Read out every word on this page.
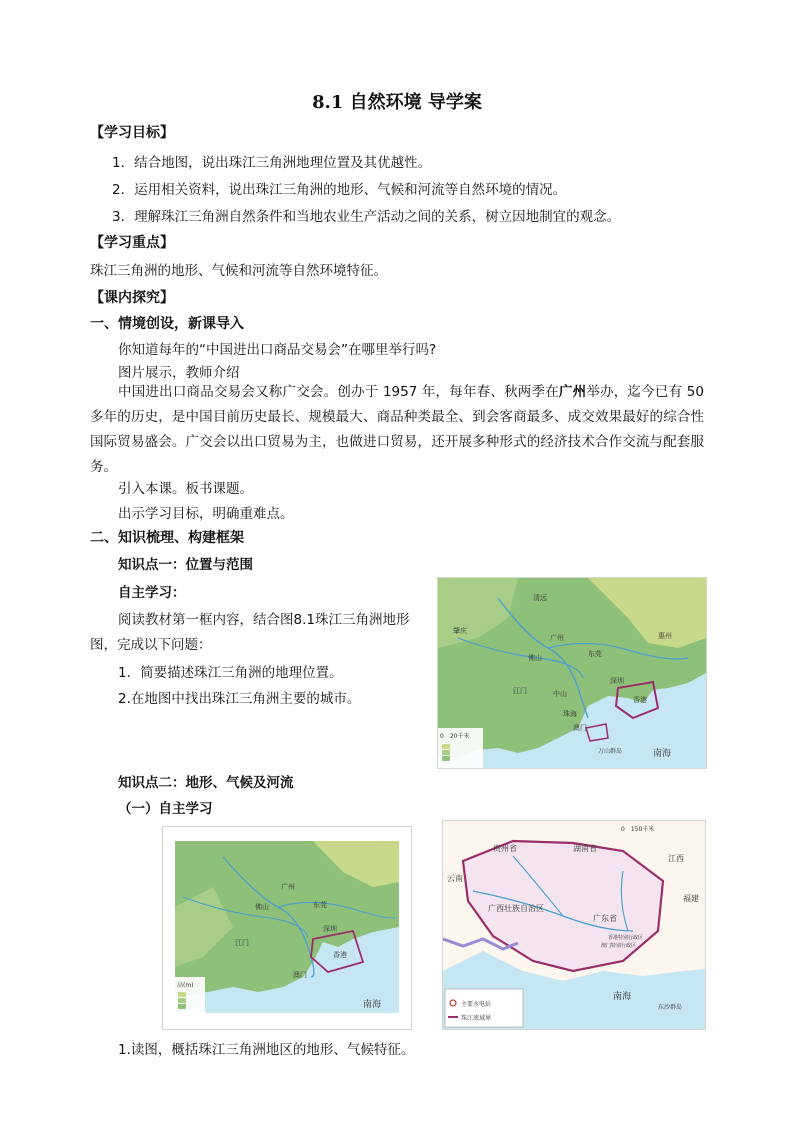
8.1 自然环境 导学案
【学习目标】
1．结合地图，说出珠江三角洲地理位置及其优越性。
2．运用相关资料，说出珠江三角洲的地形、气候和河流等自然环境的情况。
3．理解珠江三角洲自然条件和当地农业生产活动之间的关系，树立因地制宜的观念。
【学习重点】
珠江三角洲的地形、气候和河流等自然环境特征。
【课内探究】
一、情境创设，新课导入
你知道每年的“中国进出口商品交易会”在哪里举行吗?
图片展示，教师介绍
中国进出口商品交易会又称广交会。创办于 1957 年，每年春、秋两季在广州举办，迄今已有 50 多年的历史，是中国目前历史最长、规模最大、商品种类最全、到会客商最多、成交效果最好的综合性国际贸易盛会。广交会以出口贸易为主，也做进口贸易，还开展多种形式的经济技术合作交流与配套服务。
引入本课。板书课题。
出示学习目标，明确重难点。
二、知识梳理、构建框架
知识点一：位置与范围
自主学习：
阅读教材第一框内容，结合图8.1珠江三角洲地形
图，完成以下问题：
1．简要描述珠江三角洲的地理位置。
2.在地图中找出珠江三角洲主要的城市。
0　20千米
清远
广州
东莞
佛山
江门	中山
珠海
澳门
香港
深圳
惠州
肇庆
南海
万山群岛
知识点二：地形、气候及河流
（一）自主学习
高(m)
广州
深圳
东莞
佛山
江门
香港
澳门
南海
0　150千米
贵州省	湖南省
江西
福建
云南
广西壮族自治区
广东省
南海
东沙群岛
香港特别行政区
澳门特别行政区
主要水电站
珠江流域界
1.读图，概括珠江三角洲地区的地形、气候特征。
